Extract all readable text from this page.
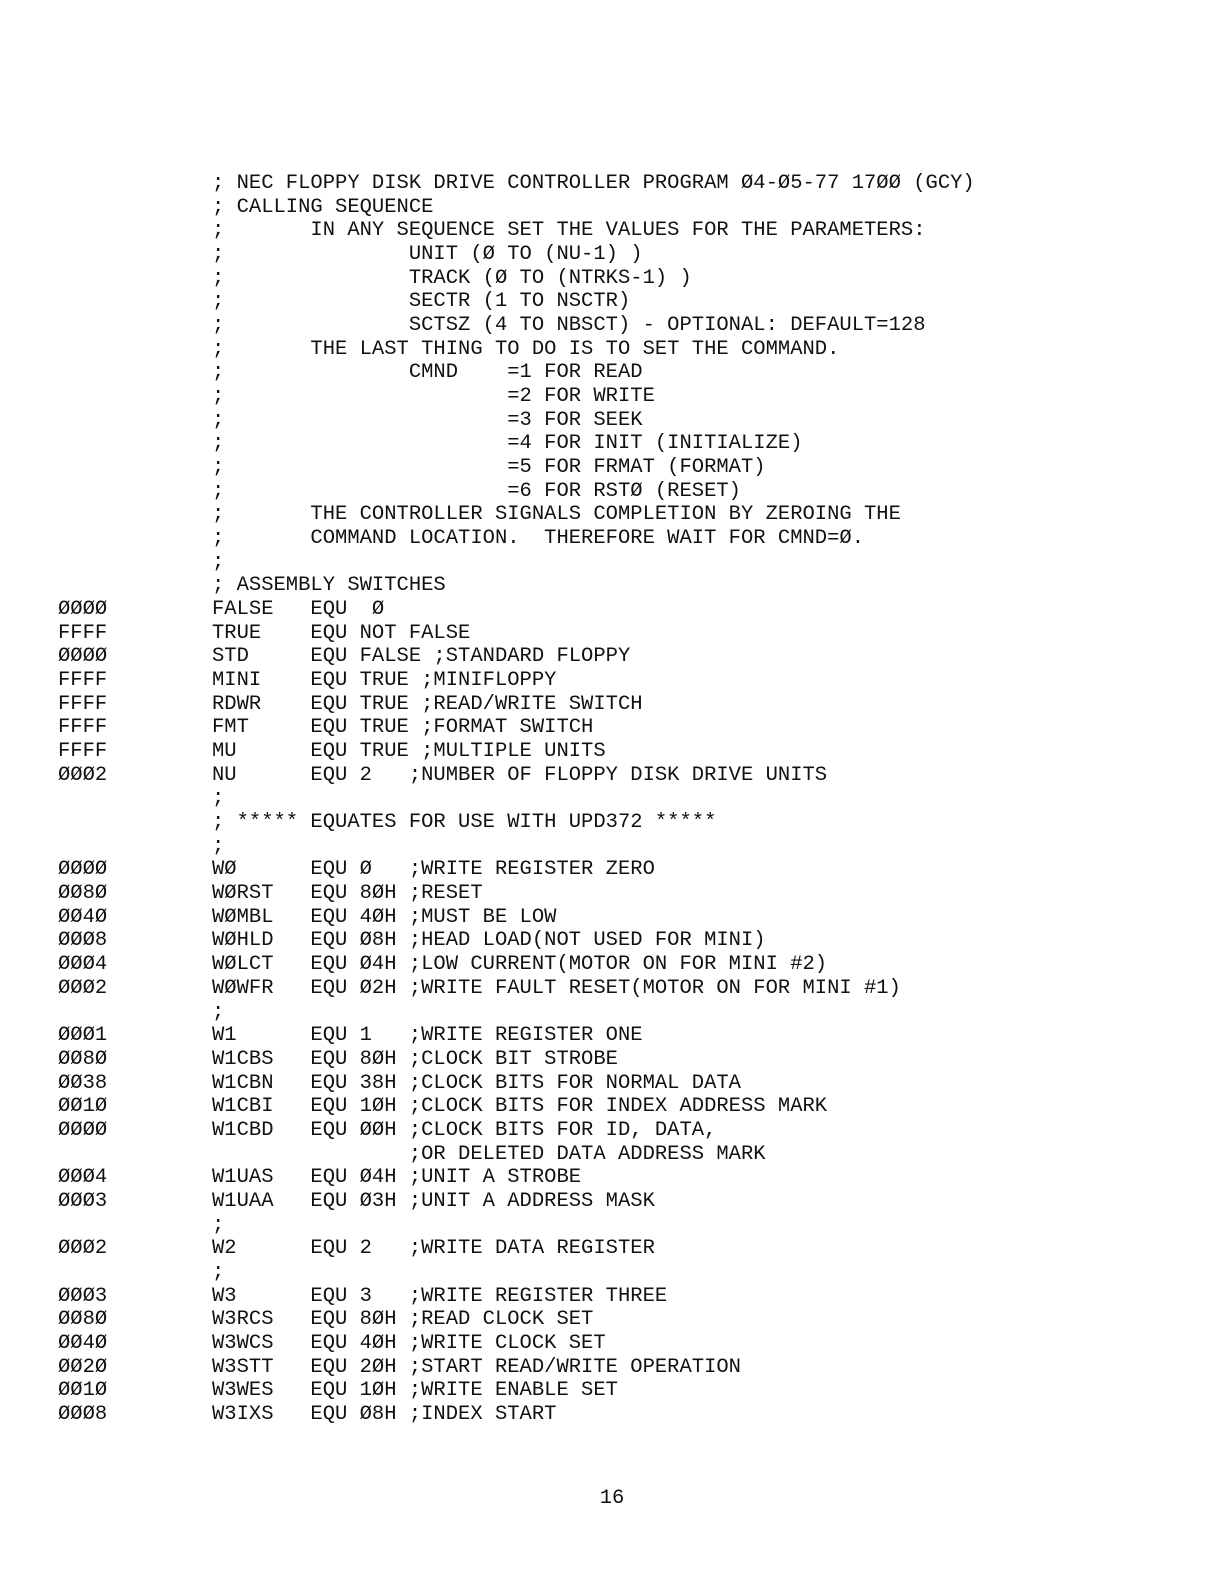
; NEC FLOPPY DISK DRIVE CONTROLLER PROGRAM Ø4-Ø5-77 17ØØ (GCY)
; CALLING SEQUENCE
;       IN ANY SEQUENCE SET THE VALUES FOR THE PARAMETERS:
;               UNIT (Ø TO (NU-1) )
;               TRACK (Ø TO (NTRKS-1) )
;               SECTR (1 TO NSCTR)
;               SCTSZ (4 TO NBSCT) - OPTIONAL: DEFAULT=128
;       THE LAST THING TO DO IS TO SET THE COMMAND.
;               CMND    =1 FOR READ
;                       =2 FOR WRITE
;                       =3 FOR SEEK
;                       =4 FOR INIT (INITIALIZE)
;                       =5 FOR FRMAT (FORMAT)
;                       =6 FOR RSTØ (RESET)
;       THE CONTROLLER SIGNALS COMPLETION BY ZEROING THE
;       COMMAND LOCATION.  THEREFORE WAIT FOR CMND=Ø.
;
; ASSEMBLY SWITCHES
ØØØØ	FALSE   EQU  Ø
FFFF	TRUE    EQU NOT FALSE
ØØØØ	STD     EQU FALSE ;STANDARD FLOPPY
FFFF	MINI    EQU TRUE ;MINIFLOPPY
FFFF	RDWR    EQU TRUE ;READ/WRITE SWITCH
FFFF	FMT     EQU TRUE ;FORMAT SWITCH
FFFF	MU      EQU TRUE ;MULTIPLE UNITS
ØØØ2	NU      EQU 2   ;NUMBER OF FLOPPY DISK DRIVE UNITS
;
; ***** EQUATES FOR USE WITH UPD372 *****
;
ØØØØ	WØ      EQU Ø   ;WRITE REGISTER ZERO
ØØ8Ø	WØRST   EQU 8ØH ;RESET
ØØ4Ø	WØMBL   EQU 4ØH ;MUST BE LOW
ØØØ8	WØHLD   EQU Ø8H ;HEAD LOAD(NOT USED FOR MINI)
ØØØ4	WØLCT   EQU Ø4H ;LOW CURRENT(MOTOR ON FOR MINI #2)
ØØØ2	WØWFR   EQU Ø2H ;WRITE FAULT RESET(MOTOR ON FOR MINI #1)
;
ØØØ1	W1      EQU 1   ;WRITE REGISTER ONE
ØØ8Ø	W1CBS   EQU 8ØH ;CLOCK BIT STROBE
ØØ38	W1CBN   EQU 38H ;CLOCK BITS FOR NORMAL DATA
ØØ1Ø	W1CBI   EQU 1ØH ;CLOCK BITS FOR INDEX ADDRESS MARK
ØØØØ	W1CBD   EQU ØØH ;CLOCK BITS FOR ID, DATA,
;OR DELETED DATA ADDRESS MARK
ØØØ4	W1UAS   EQU Ø4H ;UNIT A STROBE
ØØØ3	W1UAA   EQU Ø3H ;UNIT A ADDRESS MASK
;
ØØØ2	W2      EQU 2   ;WRITE DATA REGISTER
;
ØØØ3	W3      EQU 3   ;WRITE REGISTER THREE
ØØ8Ø	W3RCS   EQU 8ØH ;READ CLOCK SET
ØØ4Ø	W3WCS   EQU 4ØH ;WRITE CLOCK SET
ØØ2Ø	W3STT   EQU 2ØH ;START READ/WRITE OPERATION
ØØ1Ø	W3WES   EQU 1ØH ;WRITE ENABLE SET
ØØØ8	W3IXS   EQU Ø8H ;INDEX START
16
